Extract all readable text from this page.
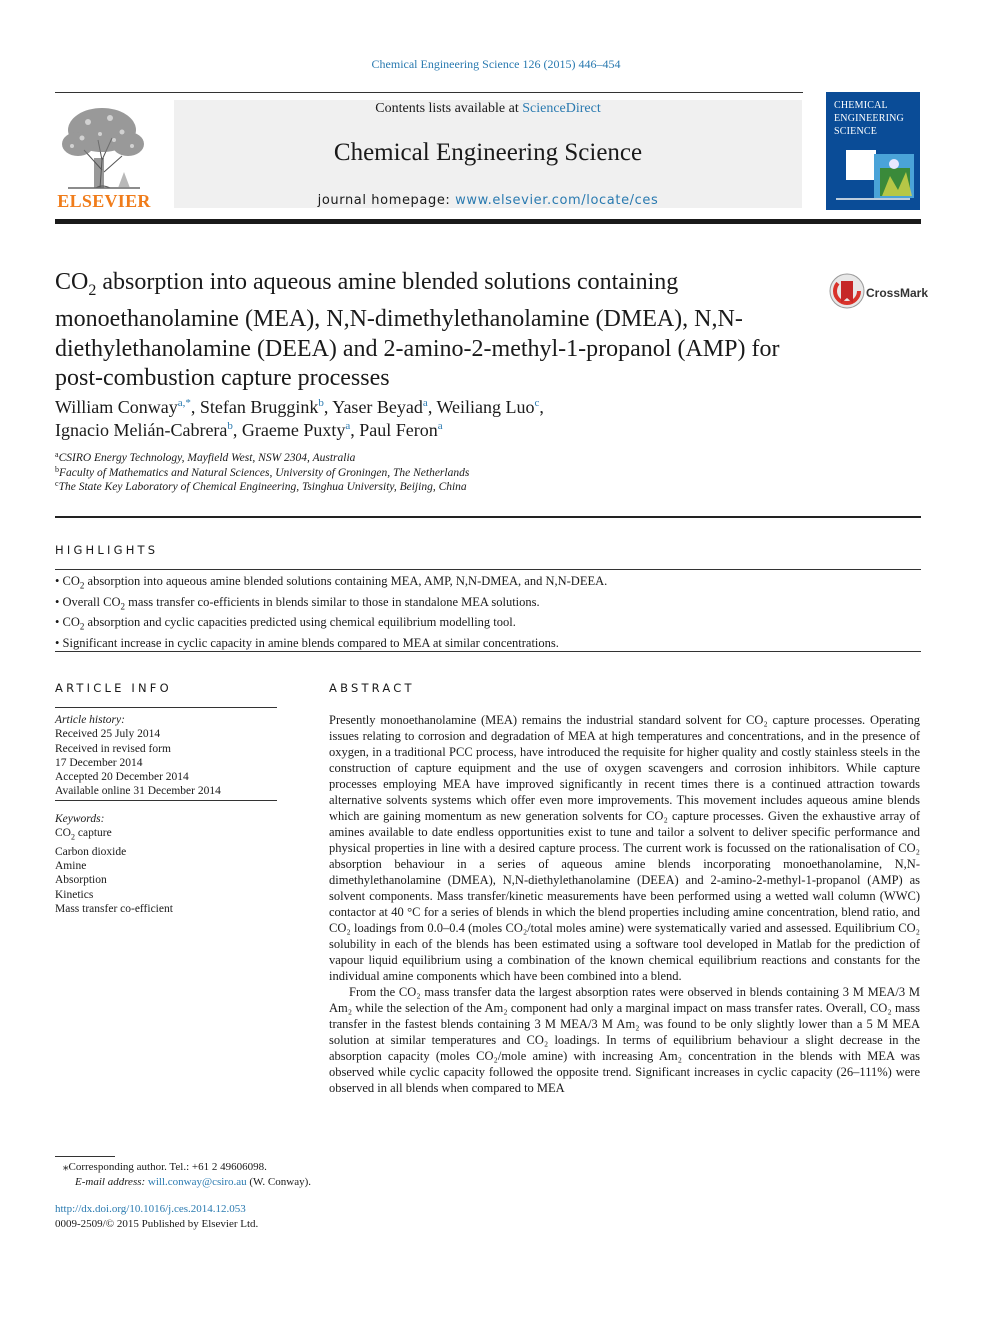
Chemical Engineering Science 126 (2015) 446–454
Contents lists available at ScienceDirect
Chemical Engineering Science
journal homepage: www.elsevier.com/locate/ces
ELSEVIER
CHEMICAL
ENGINEERING
SCIENCE
$CO_2$ absorption into aqueous amine blended solutions containing monoethanolamine (MEA), N,N-dimethylethanolamine (DMEA), N,N-diethylethanolamine (DEEA) and 2-amino-2-methyl-1-propanol (AMP) for post-combustion capture processes
CrossMark
William Conway$^{a,*}$, Stefan Bruggink$^b$, Yaser Beyad$^a$, Weiliang Luo$^c$,
Ignacio Melián-Cabrera$^b$, Graeme Puxty$^a$, Paul Feron$^a$
$^a$CSIRO Energy Technology, Mayfield West, NSW 2304, Australia
$^b$Faculty of Mathematics and Natural Sciences, University of Groningen, The Netherlands
$^c$The State Key Laboratory of Chemical Engineering, Tsinghua University, Beijing, China
HIGHLIGHTS
• $CO_2$ absorption into aqueous amine blended solutions containing MEA, AMP, N,N-DMEA, and N,N-DEEA.
• Overall $CO_2$ mass transfer co-efficients in blends similar to those in standalone MEA solutions.
• $CO_2$ absorption and cyclic capacities predicted using chemical equilibrium modelling tool.
• Significant increase in cyclic capacity in amine blends compared to MEA at similar concentrations.
ARTICLE INFO	ABSTRACT
Article history:
Received 25 July 2014
Received in revised form
17 December 2014
Accepted 20 December 2014
Available online 31 December 2014
Keywords:
$CO_2$ capture
Carbon dioxide
Amine
Absorption
Kinetics
Mass transfer co-efficient

Presently monoethanolamine (MEA) remains the industrial standard solvent for CO₂ capture processes. Operating issues relating to corrosion and degradation of MEA at high temperatures and concentrations, and in the presence of oxygen, in a traditional PCC process, have introduced the requisite for higher quality and costly stainless steels in the construction of capture equipment and the use of oxygen scavengers and corrosion inhibitors. While capture processes employing MEA have improved significantly in recent times there is a continued attraction towards alternative solvents systems which offer even more improvements. This movement includes aqueous amine blends which are gaining momentum as new generation solvents for CO₂ capture processes. Given the exhaustive array of amines available to date endless opportunities exist to tune and tailor a solvent to deliver specific performance and physical properties in line with a desired capture process. The current work is focussed on the rationalisation of CO₂ absorption behaviour in a series of aqueous amine blends incorporating monoethanolamine, N,N-dimethylethanolamine (DMEA), N,N-diethylethanolamine (DEEA) and 2-amino-2-methyl-1-propanol (AMP) as solvent components. Mass transfer/kinetic measurements have been performed using a wetted wall column (WWC) contactor at 40 °C for a series of blends in which the blend properties including amine concentration, blend ratio, and CO₂ loadings from 0.0–0.4 (moles CO₂/total moles amine) were systematically varied and assessed. Equilibrium CO₂ solubility in each of the blends has been estimated using a software tool developed in Matlab for the prediction of vapour liquid equilibrium using a combination of the known chemical equilibrium reactions and constants for the individual amine components which have been combined into a blend.

From the CO₂ mass transfer data the largest absorption rates were observed in blends containing 3 M MEA/3 M Am₂ while the selection of the Am₂ component had only a marginal impact on mass transfer rates. Overall, CO₂ mass transfer in the fastest blends containing 3 M MEA/3 M Am₂ was found to be only slightly lower than a 5 M MEA solution at similar temperatures and CO₂ loadings. In terms of equilibrium behaviour a slight decrease in the absorption capacity (moles CO₂/mole amine) with increasing Am₂ concentration in the blends with MEA was observed while cyclic capacity followed the opposite trend. Significant increases in cyclic capacity (26–111%) were observed in all blends when compared to MEA

⁎Corresponding author. Tel.: +61 2 49606098.
E-mail address: will.conway@csiro.au (W. Conway).
http://dx.doi.org/10.1016/j.ces.2014.12.053
0009-2509/© 2015 Published by Elsevier Ltd.
